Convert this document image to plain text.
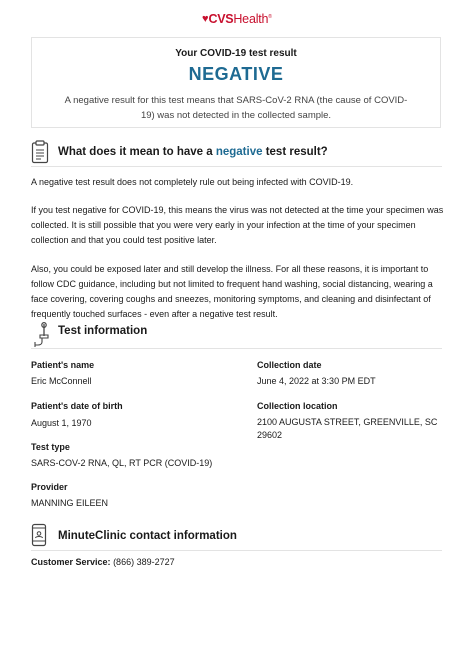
♥CVSHealth®
Your COVID-19 test result
NEGATIVE
A negative result for this test means that SARS-CoV-2 RNA (the cause of COVID-19) was not detected in the collected sample.
What does it mean to have a negative test result?
A negative test result does not completely rule out being infected with COVID-19.
If you test negative for COVID-19, this means the virus was not detected at the time your specimen was collected. It is still possible that you were very early in your infection at the time of your specimen collection and that you could test positive later.
Also, you could be exposed later and still develop the illness. For all these reasons, it is important to follow CDC guidance, including but not limited to frequent hand washing, social distancing, wearing a face covering, covering coughs and sneezes, monitoring symptoms, and cleaning and disinfectant of frequently touched surfaces - even after a negative test result.
Test information
Patient's name
Eric McConnell
Collection date
June 4, 2022 at 3:30 PM EDT
Patient's date of birth
August 1, 1970
Collection location
2100 AUGUSTA STREET, GREENVILLE, SC 29602
Test type
SARS-COV-2 RNA, QL, RT PCR (COVID-19)
Provider
MANNING EILEEN
MinuteClinic contact information
Customer Service: (866) 389-2727
